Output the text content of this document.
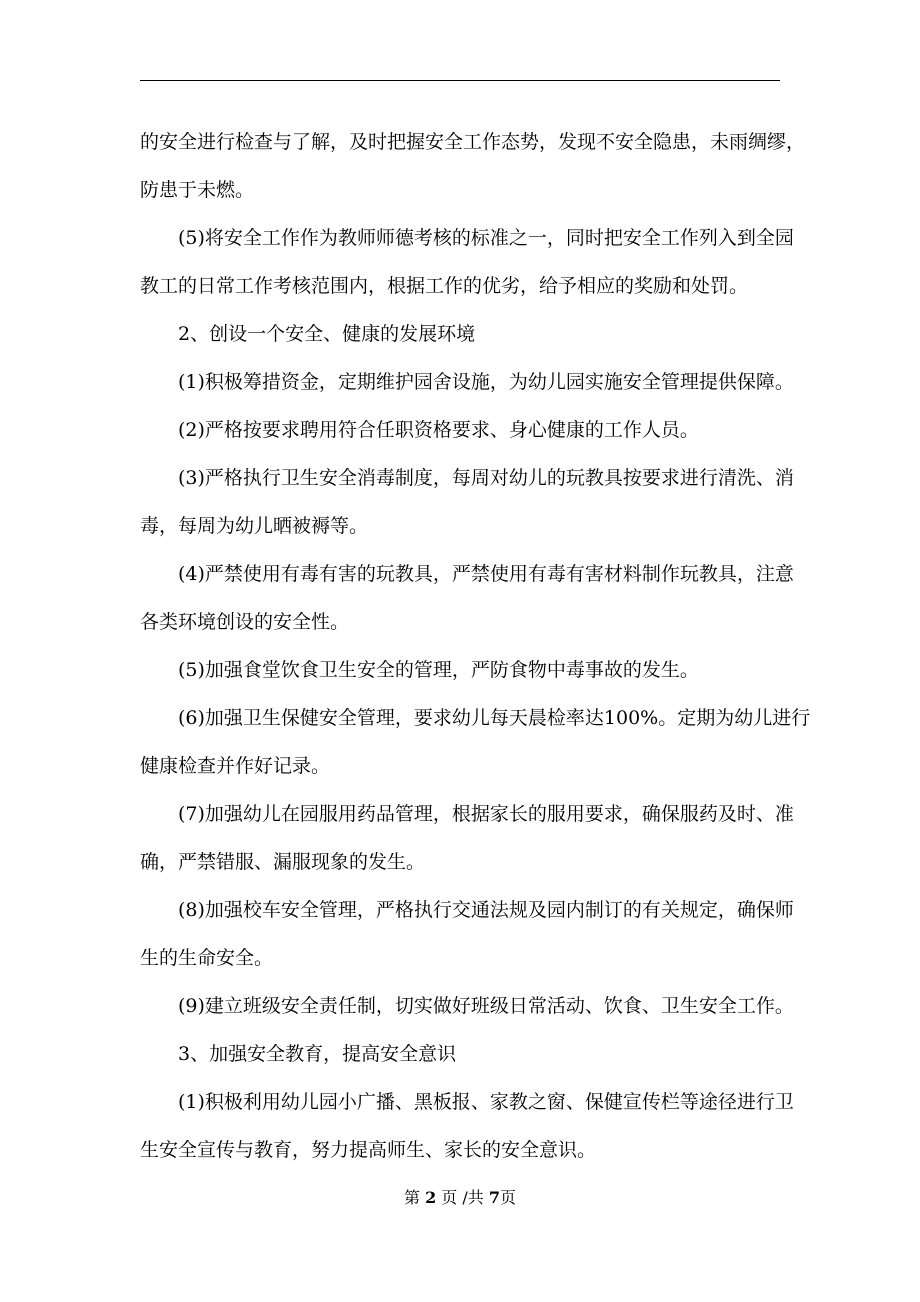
的安全进行检查与了解，及时把握安全工作态势，发现不安全隐患，未雨绸缪，

防患于未燃。

(5)将安全工作作为教师师德考核的标准之一，同时把安全工作列入到全园

教工的日常工作考核范围内，根据工作的优劣，给予相应的奖励和处罚。

2、创设一个安全、健康的发展环境

(1)积极筹措资金，定期维护园舍设施，为幼儿园实施安全管理提供保障。

(2)严格按要求聘用符合任职资格要求、身心健康的工作人员。

(3)严格执行卫生安全消毒制度，每周对幼儿的玩教具按要求进行清洗、消

毒，每周为幼儿晒被褥等。

(4)严禁使用有毒有害的玩教具，严禁使用有毒有害材料制作玩教具，注意

各类环境创设的安全性。

(5)加强食堂饮食卫生安全的管理，严防食物中毒事故的发生。

(6)加强卫生保健安全管理，要求幼儿每天晨检率达100%。定期为幼儿进行

健康检查并作好记录。

(7)加强幼儿在园服用药品管理，根据家长的服用要求，确保服药及时、准

确，严禁错服、漏服现象的发生。

(8)加强校车安全管理，严格执行交通法规及园内制订的有关规定，确保师

生的生命安全。

(9)建立班级安全责任制，切实做好班级日常活动、饮食、卫生安全工作。

3、加强安全教育，提高安全意识

(1)积极利用幼儿园小广播、黑板报、家教之窗、保健宣传栏等途径进行卫

生安全宣传与教育，努力提高师生、家长的安全意识。

第 2 页 /共 7页
